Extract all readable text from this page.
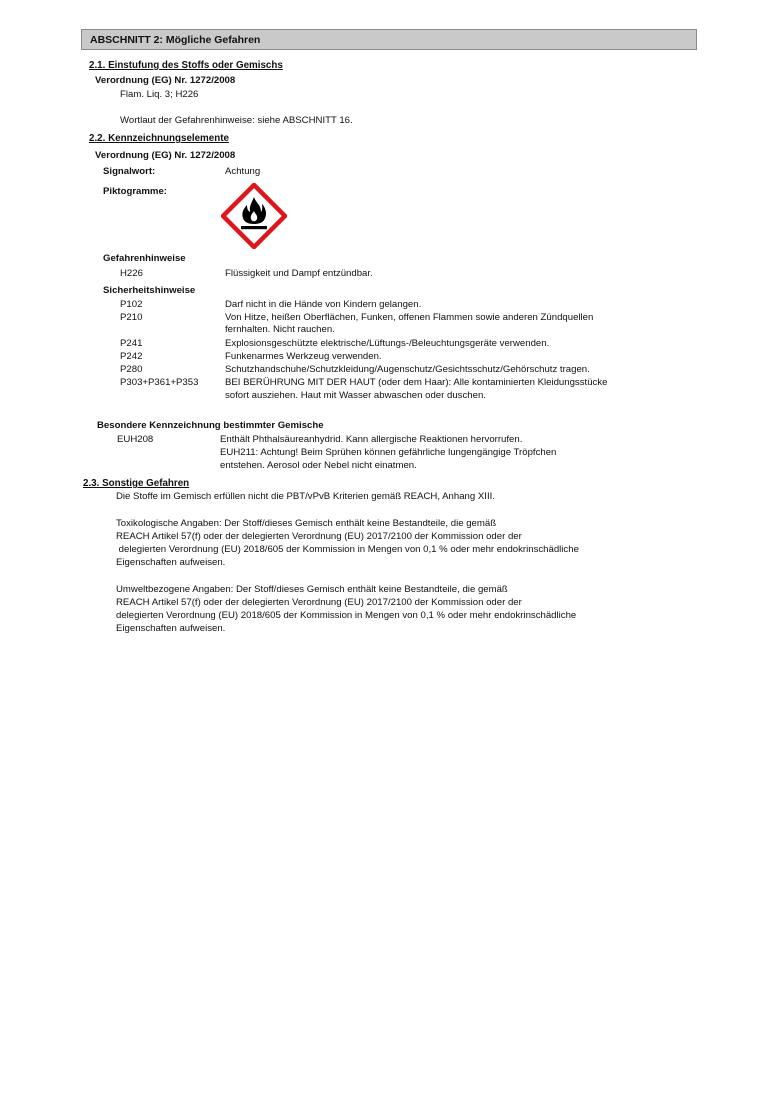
ABSCHNITT 2: Mögliche Gefahren
2.1. Einstufung des Stoffs oder Gemischs
Verordnung (EG) Nr. 1272/2008
Flam. Liq. 3; H226
Wortlaut der Gefahrenhinweise: siehe ABSCHNITT 16.
2.2. Kennzeichnungselemente
Verordnung (EG) Nr. 1272/2008
Signalwort:	Achtung
Piktogramme:
Gefahrenhinweise
H226	Flüssigkeit und Dampf entzündbar.
Sicherheitshinweise
P102	Darf nicht in die Hände von Kindern gelangen.
P210	Von Hitze, heißen Oberflächen, Funken, offenen Flammen sowie anderen Zündquellen
fernhalten. Nicht rauchen.
P241	Explosionsgeschützte elektrische/Lüftungs-/Beleuchtungsgeräte verwenden.
P242	Funkenarmes Werkzeug verwenden.
P280	Schutzhandschuhe/Schutzkleidung/Augenschutz/Gesichtsschutz/Gehörschutz tragen.
P303+P361+P353	BEI BERÜHRUNG MIT DER HAUT (oder dem Haar): Alle kontaminierten Kleidungsstücke
sofort ausziehen. Haut mit Wasser abwaschen oder duschen.
Besondere Kennzeichnung bestimmter Gemische
EUH208	Enthält Phthalsäureanhydrid. Kann allergische Reaktionen hervorrufen.
EUH211: Achtung! Beim Sprühen können gefährliche lungengängige Tröpfchen
entstehen. Aerosol oder Nebel nicht einatmen.
2.3. Sonstige Gefahren
Die Stoffe im Gemisch erfüllen nicht die PBT/vPvB Kriterien gemäß REACH, Anhang XIII.
Toxikologische Angaben: Der Stoff/dieses Gemisch enthält keine Bestandteile, die gemäß
REACH Artikel 57(f) oder der delegierten Verordnung (EU) 2017/2100 der Kommission oder der
delegierten Verordnung (EU) 2018/605 der Kommission in Mengen von 0,1 % oder mehr endokrinschädliche
Eigenschaften aufweisen.
Umweltbezogene Angaben: Der Stoff/dieses Gemisch enthält keine Bestandteile, die gemäß
REACH Artikel 57(f) oder der delegierten Verordnung (EU) 2017/2100 der Kommission oder der
delegierten Verordnung (EU) 2018/605 der Kommission in Mengen von 0,1 % oder mehr endokrinschädliche
Eigenschaften aufweisen.
